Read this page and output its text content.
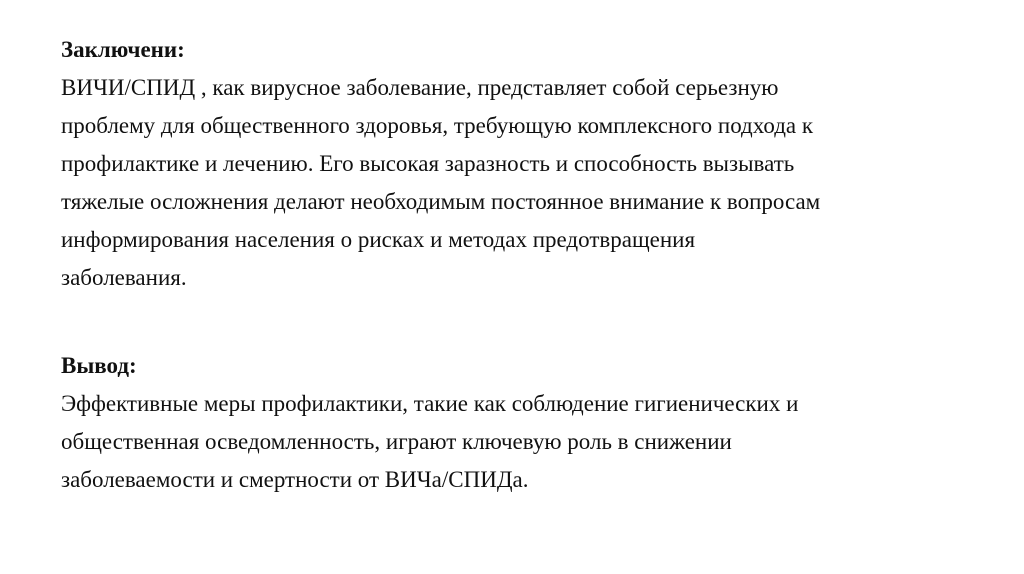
Заключени:
ВИЧИ/СПИД , как вирусное заболевание, представляет собой серьезную
проблему для общественного здоровья, требующую комплексного подхода к
профилактике и лечению. Его высокая заразность и способность вызывать
тяжелые осложнения делают необходимым постоянное внимание к вопросам
информирования населения о рисках и методах предотвращения
заболевания.
Вывод:
Эффективные меры профилактики, такие как соблюдение гигиенических и
общественная осведомленность, играют ключевую роль в снижении
заболеваемости и смертности от ВИЧа/СПИДа.
